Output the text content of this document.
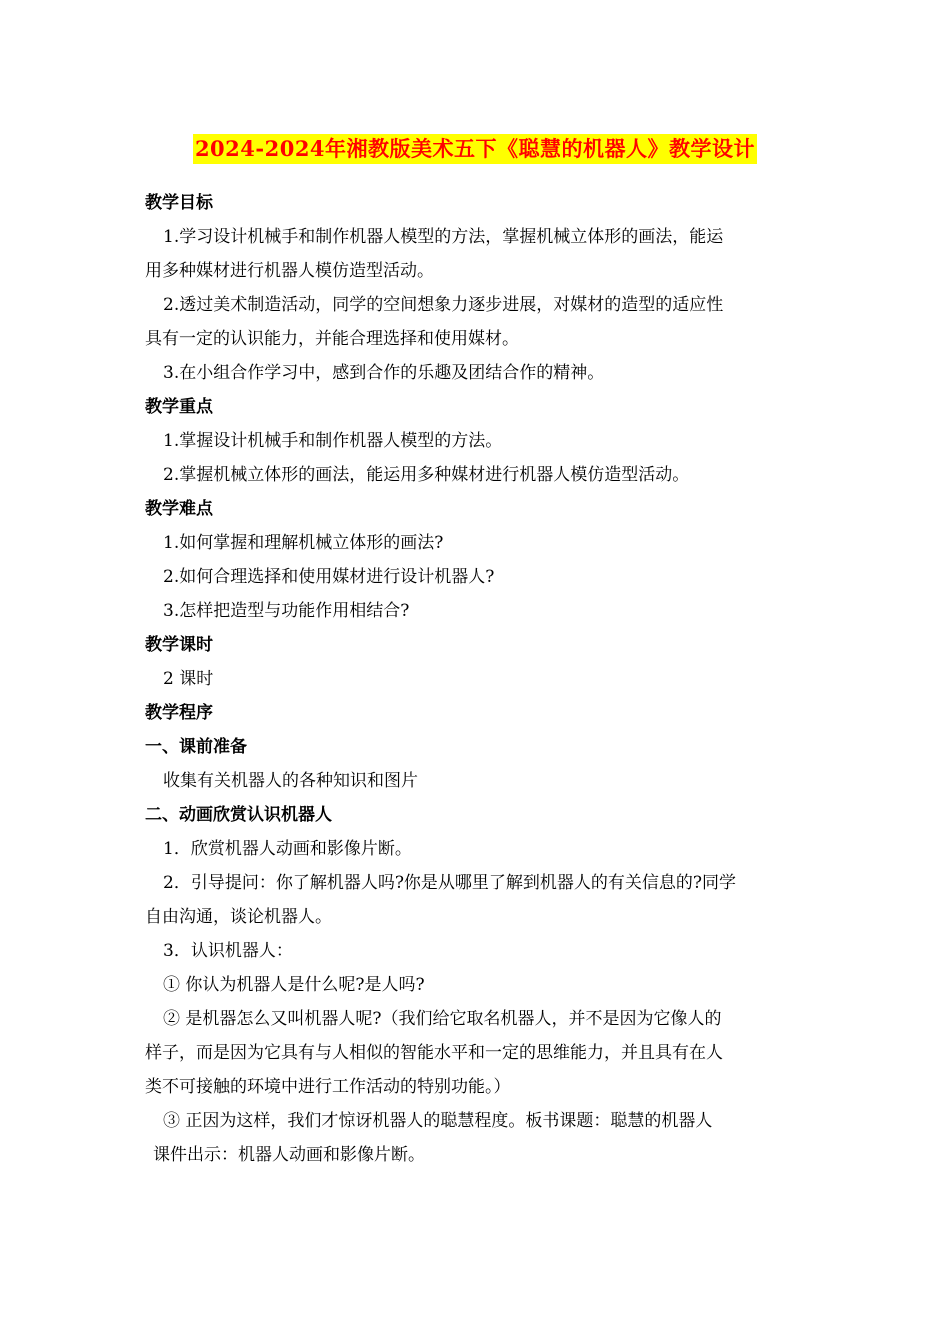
2024-2024年湘教版美术五下《聪慧的机器人》教学设计
教学目标
1.学习设计机械手和制作机器人模型的方法，掌握机械立体形的画法，能运
用多种媒材进行机器人模仿造型活动。
2.透过美术制造活动，同学的空间想象力逐步进展，对媒材的造型的适应性
具有一定的认识能力，并能合理选择和使用媒材。
3.在小组合作学习中，感到合作的乐趣及团结合作的精神。
教学重点
1.掌握设计机械手和制作机器人模型的方法。
2.掌握机械立体形的画法，能运用多种媒材进行机器人模仿造型活动。
教学难点
1.如何掌握和理解机械立体形的画法?
2.如何合理选择和使用媒材进行设计机器人?
3.怎样把造型与功能作用相结合?
教学课时
2 课时
教学程序
一、课前准备
收集有关机器人的各种知识和图片
二、动画欣赏认识机器人
1．欣赏机器人动画和影像片断。
2．引导提问：你了解机器人吗?你是从哪里了解到机器人的有关信息的?同学
自由沟通，谈论机器人。
3．认识机器人：
① 你认为机器人是什么呢?是人吗?
② 是机器怎么又叫机器人呢?（我们给它取名机器人，并不是因为它像人的
样子，而是因为它具有与人相似的智能水平和一定的思维能力，并且具有在人
类不可接触的环境中进行工作活动的特别功能。）
③ 正因为这样，我们才惊讶机器人的聪慧程度。板书课题：聪慧的机器人
课件出示：机器人动画和影像片断。
